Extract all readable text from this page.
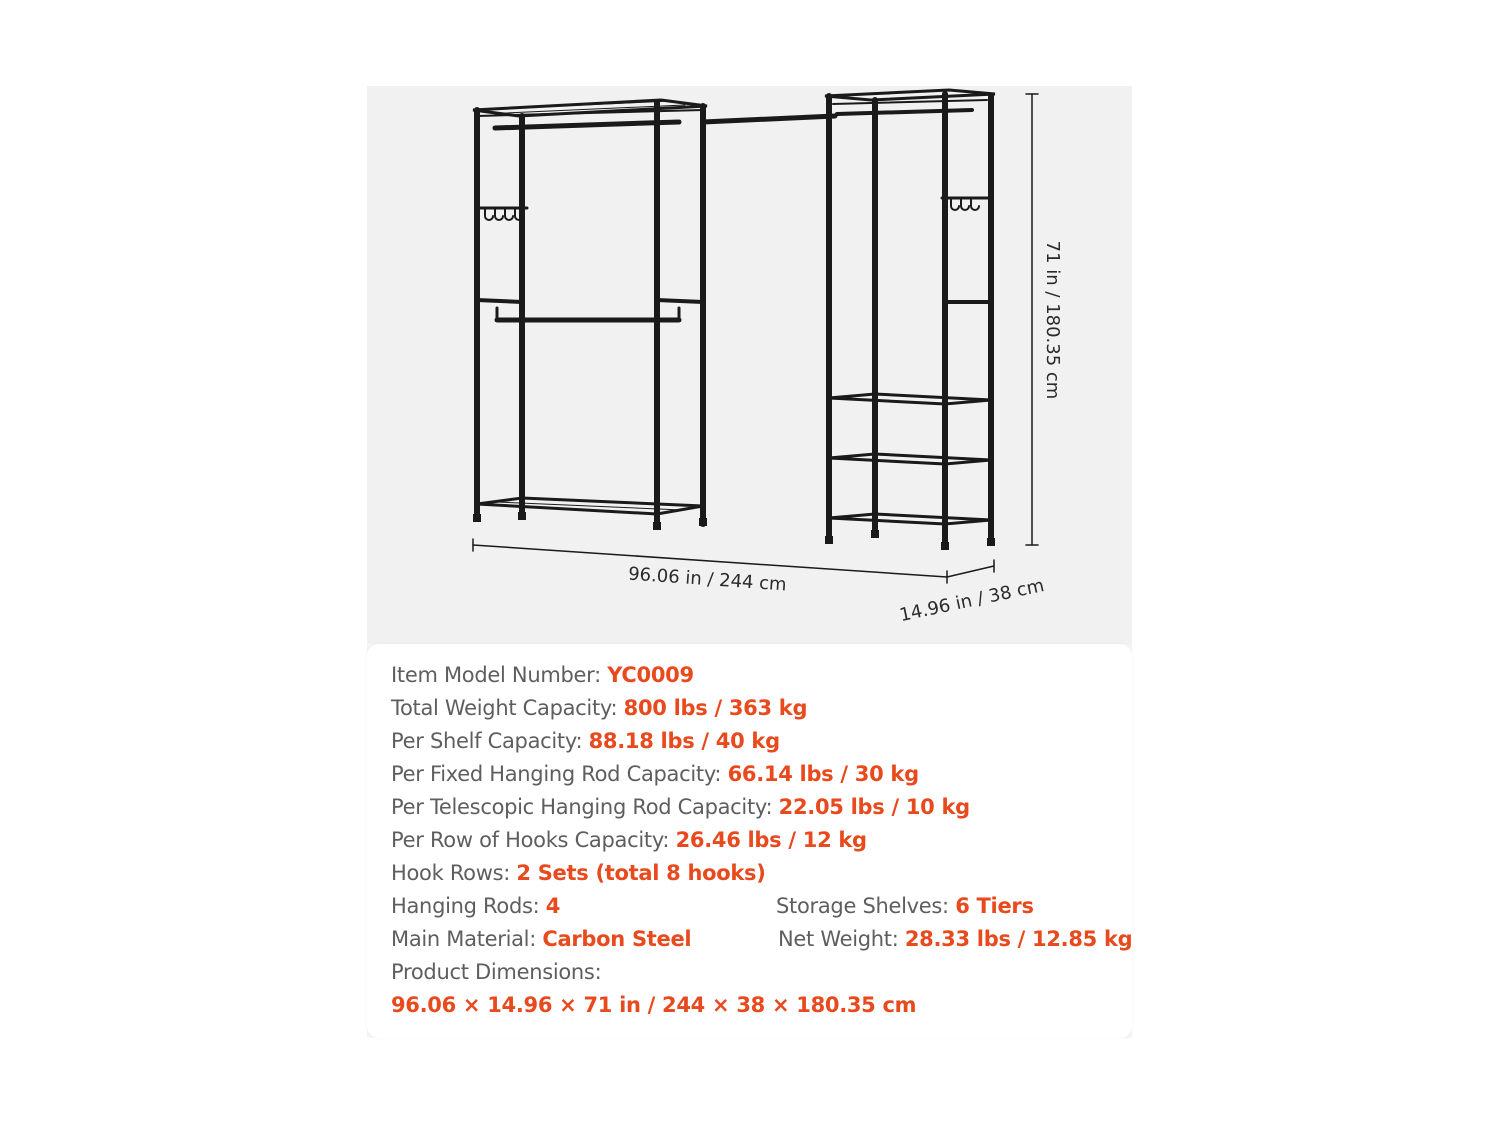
96.06 in / 244 cm	14.96 in / 38 cm
71 in / 180.35 cm
Item Model Number: YC0009
Total Weight Capacity: 800 lbs / 363 kg
Per Shelf Capacity: 88.18 lbs / 40 kg
Per Fixed Hanging Rod Capacity: 66.14 lbs / 30 kg
Per Telescopic Hanging Rod Capacity: 22.05 lbs / 10 kg
Per Row of Hooks Capacity: 26.46 lbs / 12 kg
Hook Rows: 2 Sets (total 8 hooks)
Hanging Rods: 4	Storage Shelves: 6 Tiers
Main Material: Carbon Steel	Net Weight: 28.33 lbs / 12.85 kg
Product Dimensions:
96.06 × 14.96 × 71 in / 244 × 38 × 180.35 cm
